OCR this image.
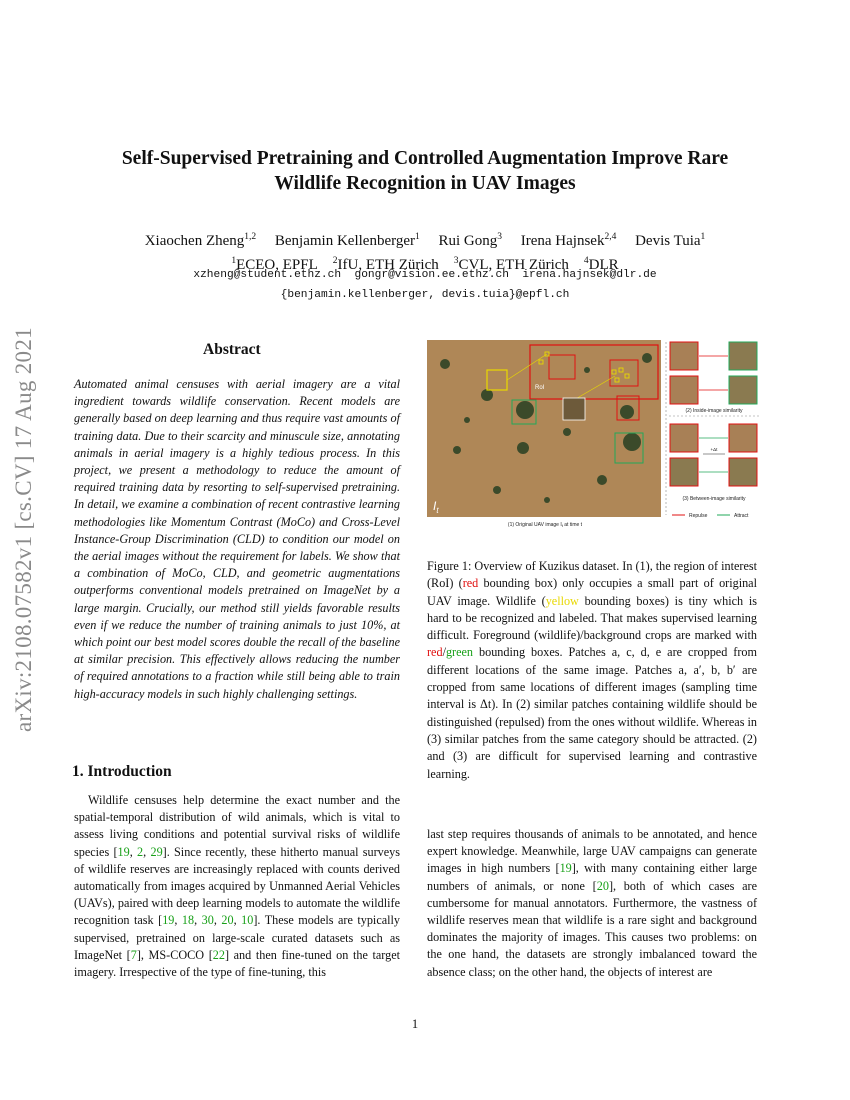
arXiv:2108.07582v1 [cs.CV] 17 Aug 2021
Self-Supervised Pretraining and Controlled Augmentation Improve Rare
Wildlife Recognition in UAV Images
Xiaochen Zheng$^{1,2}$ Benjamin Kellenberger$^1$ Rui Gong$^3$ Irena Hajnsek$^{2,4}$ Devis Tuia$^1$
$^1$ECEO, EPFL $^2$IfU, ETH Zürich $^3$CVL, ETH Zürich $^4$DLR
xzheng@student.ethz.ch  gongr@vision.ee.ethz.ch  irena.hajnsek@dlr.de
{benjamin.kellenberger, devis.tuia}@epfl.ch
Abstract
Automated animal censuses with aerial imagery are a vital ingredient towards wildlife conservation. Recent models are generally based on deep learning and thus require vast amounts of training data. Due to their scarcity and minuscule size, annotating animals in aerial imagery is a highly tedious process. In this project, we present a methodology to reduce the amount of required training data by resorting to self-supervised pretraining. In detail, we examine a combination of recent contrastive learning methodologies like Momentum Contrast (MoCo) and Cross-Level Instance-Group Discrimination (CLD) to condition our model on the aerial images without the requirement for labels. We show that a combination of MoCo, CLD, and geometric augmentations outperforms conventional models pretrained on ImageNet by a large margin. Crucially, our method still yields favorable results even if we reduce the number of training animals to just 10%, at which point our best model scores double the recall of the baseline at similar precision. This effectively allows reducing the number of required annotations to a fraction while still being able to train high-accuracy models in such highly challenging settings.
1. Introduction
Wildlife censuses help determine the exact number and the spatial-temporal distribution of wild animals, which is vital to assess living conditions and potential survival risks of wildlife species [19, 2, 29]. Since recently, these hitherto manual surveys of wildlife reserves are increasingly replaced with counts derived automatically from images acquired by Unmanned Aerial Vehicles (UAVs), paired with deep learning models to automate the wildlife recognition task [19, 18, 30, 20, 10]. These models are typically supervised, pretrained on large-scale curated datasets such as ImageNet [7], MS-COCO [22] and then fine-tuned on the target imagery. Irrespective of the type of fine-tuning, this
RoI
$I_t$
(1) Original UAV image $I_t$ at time t
(2) Inside-image similarity
+Δt
(3) Between-image similarity
Repulse	Attract
Figure 1: Overview of Kuzikus dataset. In (1), the region of interest (RoI) (red bounding box) only occupies a small part of original UAV image. Wildlife (yellow bounding boxes) is tiny which is hard to be recognized and labeled. That makes supervised learning difficult. Foreground (wildlife)/background crops are marked with red/green bounding boxes. Patches a, c, d, e are cropped from different locations of the same image. Patches a, a′, b, b′ are cropped from same locations of different images (sampling time interval is Δt). In (2) similar patches containing wildlife should be distinguished (repulsed) from the ones without wildlife. Whereas in (3) similar patches from the same category should be attracted. (2) and (3) are difficult for supervised learning and contrastive learning.
last step requires thousands of animals to be annotated, and hence expert knowledge. Meanwhile, large UAV campaigns can generate images in high numbers [19], with many containing either large numbers of animals, or none [20], both of which cases are cumbersome for manual annotators. Furthermore, the vastness of wildlife reserves mean that wildlife is a rare sight and background dominates the majority of images. This causes two problems: on the one hand, the datasets are strongly imbalanced toward the absence class; on the other hand, the objects of interest are
1
